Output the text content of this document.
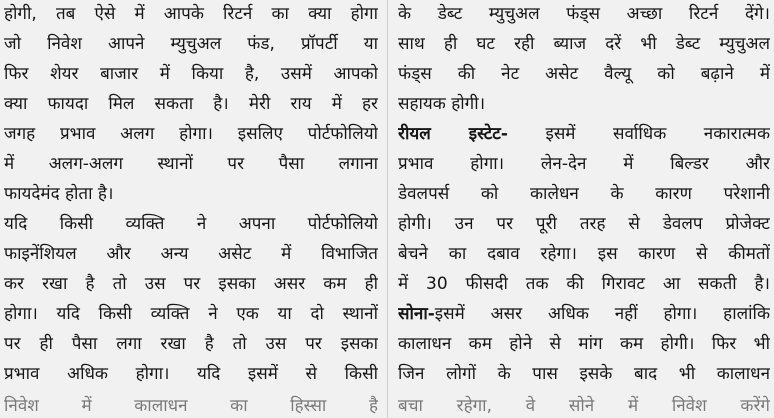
होगी, तब ऐसे में आपके रिटर्न का क्या होगा
जो निवेश आपने म्युचुअल फंड, प्रॉपर्टी या
फिर शेयर बाजार में किया है, उसमें आपको
क्या फायदा मिल सकता है। मेरी राय में हर
जगह प्रभाव अलग होगा। इसलिए पोर्टफोलियो
में अलग-अलग स्थानों पर पैसा लगाना
फायदेमंद होता है।
यदि किसी व्यक्ति ने अपना पोर्टफोलियो
फाइनेंशियल और अन्य असेट में विभाजित
कर रखा है तो उस पर इसका असर कम ही
होगा। यदि किसी व्यक्ति ने एक या दो स्थानों
पर ही पैसा लगा रखा है तो उस पर इसका
प्रभाव अधिक होगा। यदि इसमें से किसी
निवेश में कालाधन का हिस्सा है
के डेब्ट म्युचुअल फंड्स अच्छा रिटर्न देंगे।
साथ ही घट रही ब्याज दरें भी डेब्ट म्युचुअल
फंड्स की नेट असेट वैल्यू को बढ़ाने में
सहायक होगी।
रीयल इस्टेट- इसमें सर्वाधिक नकारात्मक
प्रभाव होगा। लेन-देन में बिल्डर और
डेवलपर्स को कालेधन के कारण परेशानी
होगी। उन पर पूरी तरह से डेवलप प्रोजेक्ट
बेचने का दबाव रहेगा। इस कारण से कीमतों
में 30 फीसदी तक की गिरावट आ सकती है।
सोना-इसमें असर अधिक नहीं होगा। हालांकि
कालाधन कम होने से मांग कम होगी। फिर भी
जिन लोगों के पास इसके बाद भी कालाधन
बचा रहेगा, वे सोने में निवेश करेंगे
